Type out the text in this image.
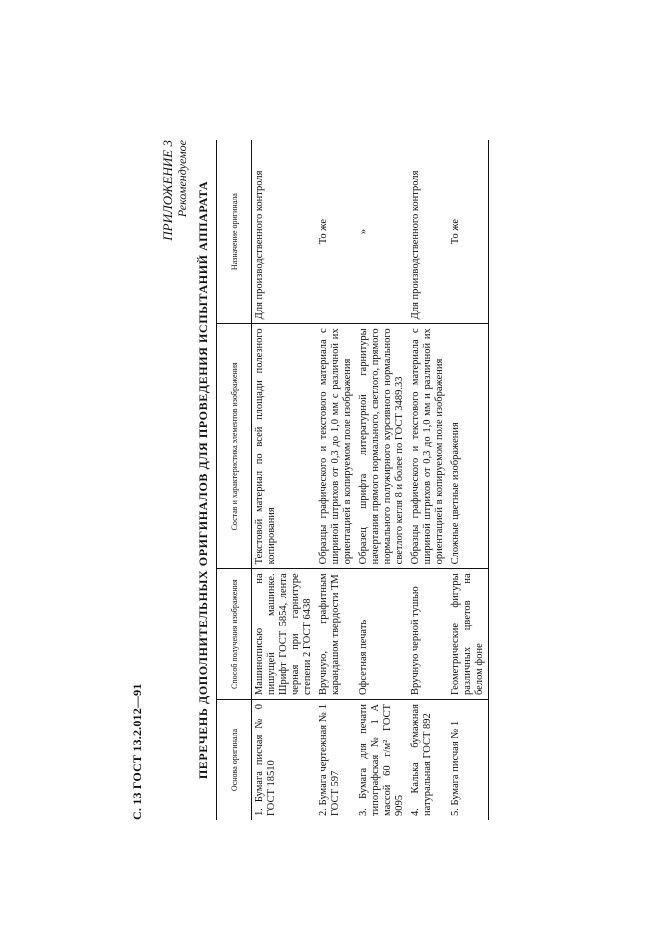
С. 13 ГОСТ 13.2.012—91
ПРИЛОЖЕНИЕ 3 Рекомендуемое
ПЕРЕЧЕНЬ ДОПОЛНИТЕЛЬНЫХ ОРИГИНАЛОВ ДЛЯ ПРОВЕДЕНИЯ ИСПЫТАНИЙ АППАРАТА Основа оригинала	Способ получения изображения	Состав и характеристика элементов изображения	Назначение оригинала
1. Бумага писчая № 0 ГОСТ 18510	Машинописью на пишущей машинке. Шрифт ГОСТ 5854, лента черная при гарнитуре степени 2 ГОСТ 6438	Текстовой материал по всей площади полезного копирования	Для производственного контроля
2. Бумага чертежная № 1 ГОСТ 597	Вручную, графитным карандашом твердости ТМ	Образцы графического и текстового материала с шириной штрихов от 0,3 до 1,0 мм с различной их ориентацией в копируемом поле изображения	То же
3. Бумага для печати типографская № 1 А массой 60 г/м² ГОСТ 9095	Офсетная печать	Образец шрифта литературной гарнитуры начертания прямого нормального, светлого, прямого нормального полужирного курсивного нормального светлого кегля 8 и более по ГОСТ 3489.33	»
4. Калька бумажная натуральная ГОСТ 892	Вручную черной тушью	Образцы графического и текстового материала с шириной штрихов от 0,3 до 1,0 мм и различной их ориентацией в копируемом поле изображения	Для производственного контроля
5. Бумага писчая № 1	Геометрические фигуры различных цветов на белом фоне	Сложные цветные изображения	То же
